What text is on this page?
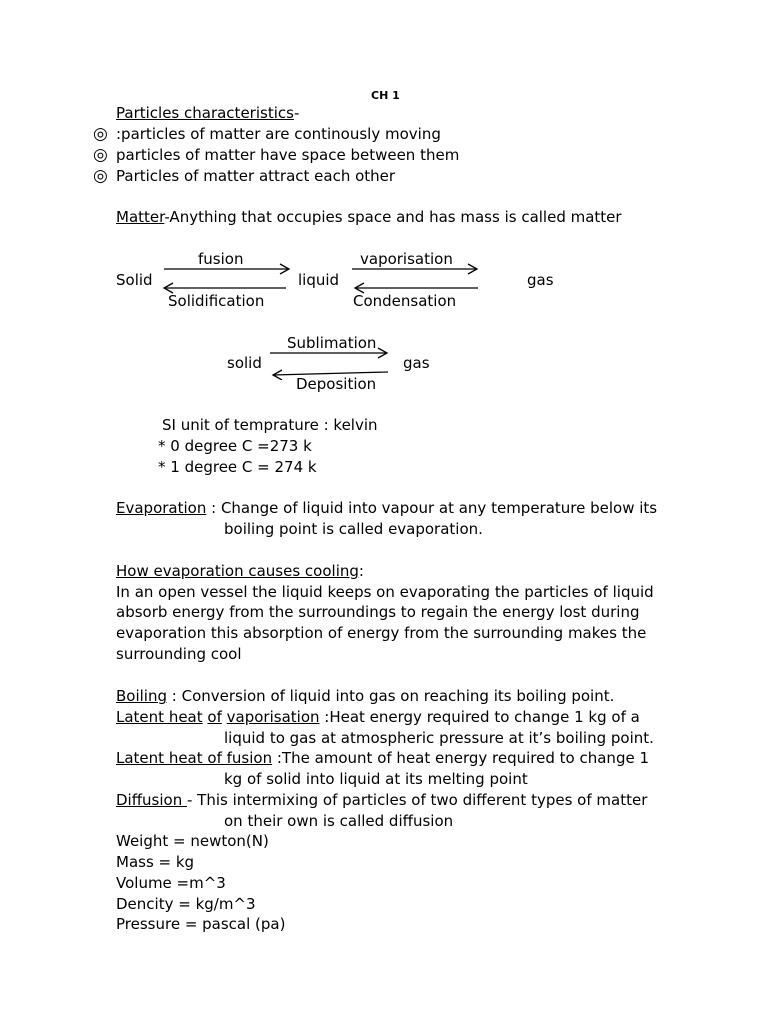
CH 1
Particles characteristics-
◎ :particles of matter are continously moving
◎ particles of matter have space between them
◎ Particles of matter attract each other
Matter-Anything that occupies space and has mass is called matter
fusion	vaporisation
Solid	liquid	gas
Solidification	Condensation
Sublimation
solid	gas
Deposition
SI unit of temprature : kelvin
* 0 degree C =273 k
* 1 degree C = 274 k
Evaporation : Change of liquid into vapour at any temperature below its
boiling point is called evaporation.
How evaporation causes cooling:
In an open vessel the liquid keeps on evaporating the particles of liquid
absorb energy from the surroundings to regain the energy lost during
evaporation this absorption of energy from the surrounding makes the
surrounding cool
Boiling : Conversion of liquid into gas on reaching its boiling point.
Latent heat of vaporisation :Heat energy required to change 1 kg of a
liquid to gas at atmospheric pressure at it’s boiling point.
Latent heat of fusion :The amount of heat energy required to change 1
kg of solid into liquid at its melting point
Diffusion - This intermixing of particles of two different types of matter
on their own is called diffusion
Weight = newton(N)
Mass = kg
Volume =m^3
Dencity = kg/m^3
Pressure = pascal (pa)
